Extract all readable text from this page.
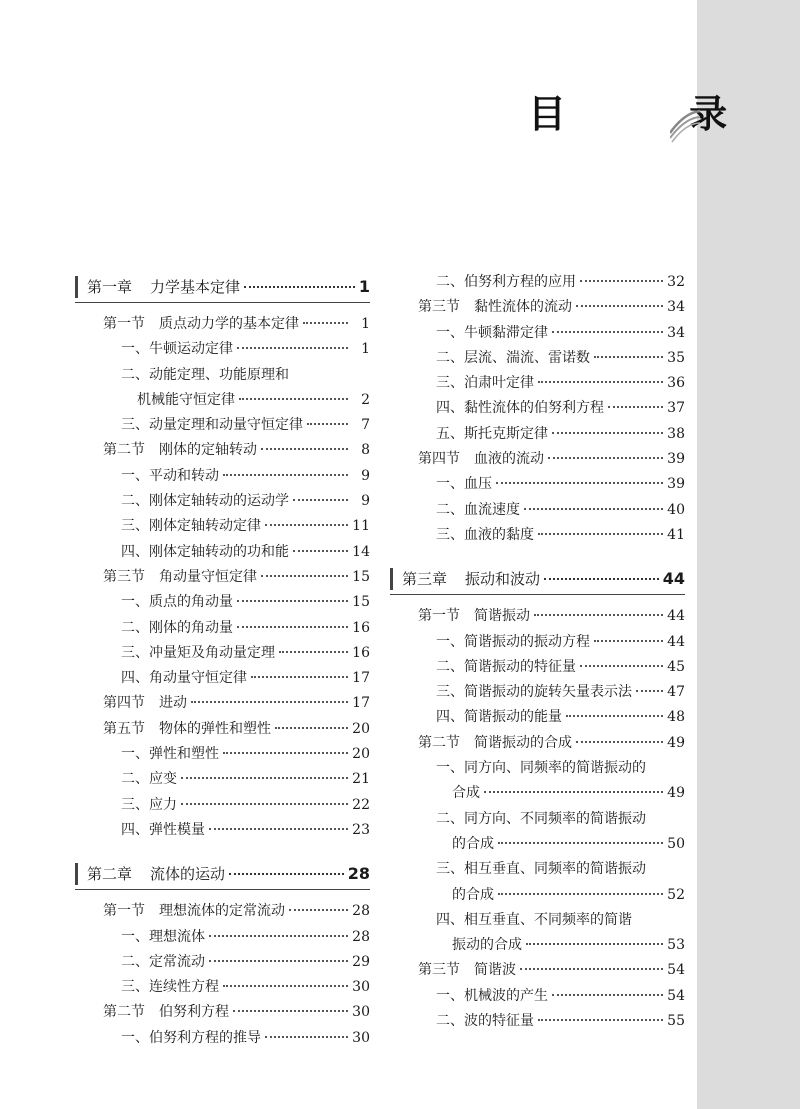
目 录
第一章 力学基本定律	1
第一节　质点动力学的基本定律	1
一、牛顿运动定律	1
二、动能定理、功能原理和
机械能守恒定律	2
三、动量定理和动量守恒定律	7
第二节　刚体的定轴转动	8
一、平动和转动	9
二、刚体定轴转动的运动学	9
三、刚体定轴转动定律	11
四、刚体定轴转动的功和能	14
第三节　角动量守恒定律	15
一、质点的角动量	15
二、刚体的角动量	16
三、冲量矩及角动量定理	16
四、角动量守恒定律	17
第四节　进动	17
第五节　物体的弹性和塑性	20
一、弹性和塑性	20
二、应变	21
三、应力	22
四、弹性模量	23
第二章 流体的运动	28
第一节　理想流体的定常流动	28
一、理想流体	28
二、定常流动	29
三、连续性方程	30
第二节　伯努利方程	30
一、伯努利方程的推导	30
二、伯努利方程的应用	32
第三节　黏性流体的流动	34
一、牛顿黏滞定律	34
二、层流、湍流、雷诺数	35
三、泊肃叶定律	36
四、黏性流体的伯努利方程	37
五、斯托克斯定律	38
第四节　血液的流动	39
一、血压	39
二、血流速度	40
三、血液的黏度	41
第三章 振动和波动	44
第一节　简谐振动	44
一、简谐振动的振动方程	44
二、简谐振动的特征量	45
三、简谐振动的旋转矢量表示法	47
四、简谐振动的能量	48
第二节　简谐振动的合成	49
一、同方向、同频率的简谐振动的
合成	49
二、同方向、不同频率的简谐振动
的合成	50
三、相互垂直、同频率的简谐振动
的合成	52
四、相互垂直、不同频率的简谐
振动的合成	53
第三节　简谐波	54
一、机械波的产生	54
二、波的特征量	55
